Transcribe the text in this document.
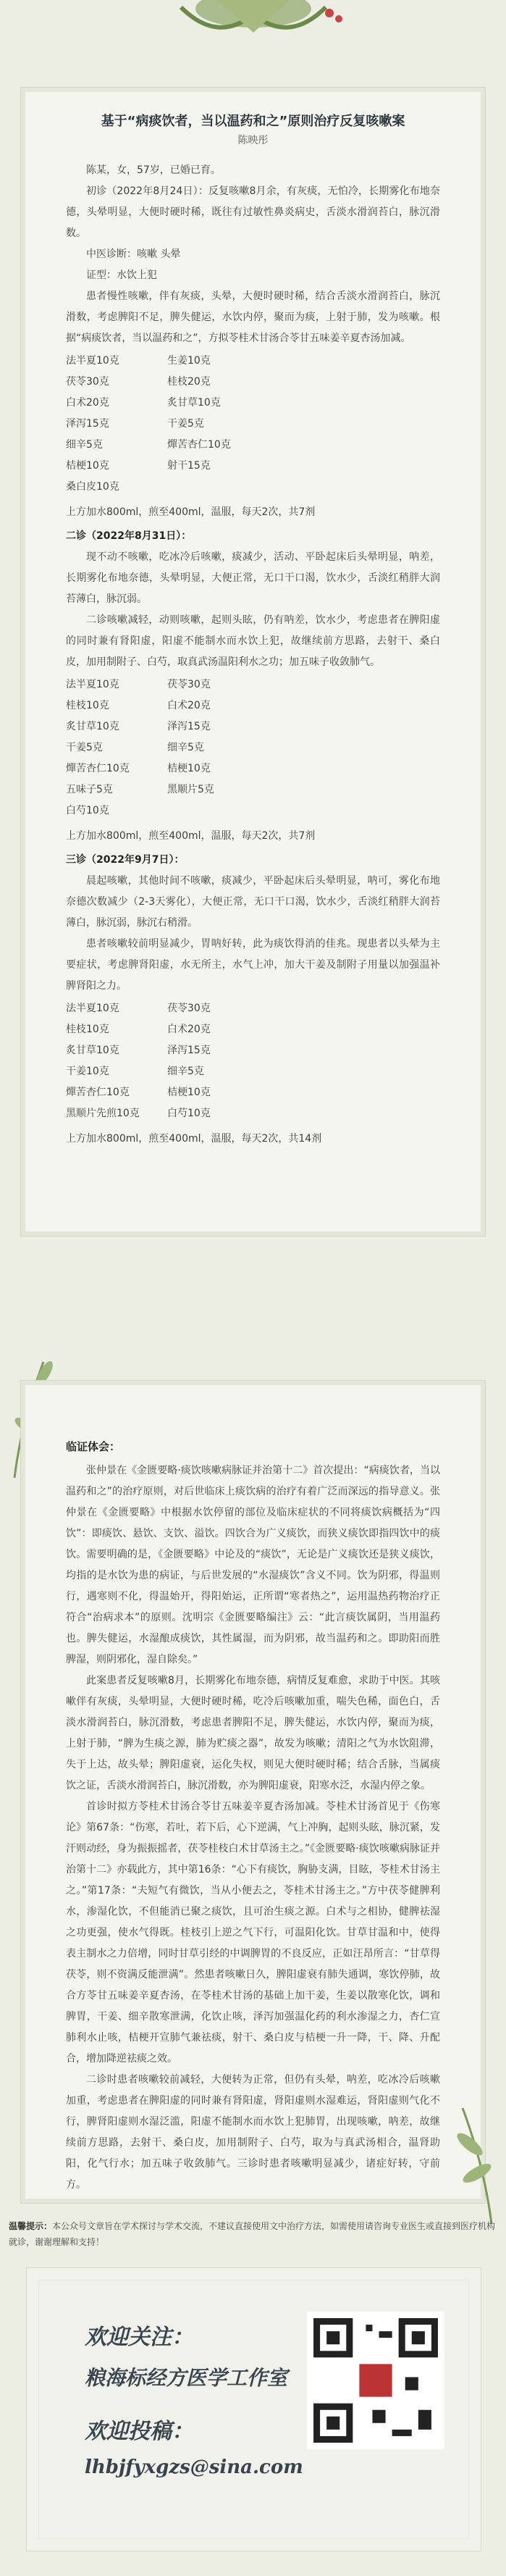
基于“病痰饮者，当以温药和之”原则治疗反复咳嗽案
陈映彤

陈某，女，57岁，已婚已育。

初诊（2022年8月24日）：反复咳嗽8月余，有灰痰，无怕冷，长期雾化布地奈德，头晕明显，大便时硬时稀，既往有过敏性鼻炎病史，舌淡水滑润苔白，脉沉滑数。

中医诊断：咳嗽 头晕

证型：水饮上犯

患者慢性咳嗽，伴有灰痰，头晕，大便时硬时稀，结合舌淡水滑润苔白，脉沉滑数，考虑脾阳不足，脾失健运，水饮内停，聚而为痰，上射于肺，发为咳嗽。根据“病痰饮者，当以温药和之”，方拟苓桂术甘汤合苓甘五味姜辛夏杏汤加减。

法半夏10克	生姜10克
茯苓30克	桂枝20克
白术20克	炙甘草10克
泽泻15克	干姜5克
细辛5克	燀苦杏仁10克
桔梗10克	射干15克
桑白皮10克

上方加水800ml，煎至400ml，温服，每天2次，共7剂

二诊（2022年8月31日）：

现不动不咳嗽，吃冰冷后咳嗽，痰减少，活动、平卧起床后头晕明显，呐差，长期雾化布地奈德，头晕明显，大便正常，无口干口渴，饮水少，舌淡红稍胖大润苔薄白，脉沉弱。

二诊咳嗽减轻，动则咳嗽，起则头眩，仍有呐差，饮水少，考虑患者在脾阳虚的同时兼有肾阳虚，阳虚不能制水而水饮上犯，故继续前方思路，去射干、桑白皮，加用制附子、白芍，取真武汤温阳利水之功；加五味子收敛肺气。

法半夏10克	茯苓30克
桂枝10克	白术20克
炙甘草10克	泽泻15克
干姜5克	细辛5克
燀苦杏仁10克	桔梗10克
五味子5克	黑顺片5克
白芍10克

上方加水800ml，煎至400ml，温服，每天2次，共7剂

三诊（2022年9月7日）：

晨起咳嗽，其他时间不咳嗽，痰减少，平卧起床后头晕明显，呐可，雾化布地奈德次数减少（2-3天雾化），大便正常，无口干口渴，饮水少，舌淡红稍胖大润苔薄白，脉沉弱，脉沉右稍滑。

患者咳嗽较前明显减少，胃呐好转，此为痰饮得消的佳兆。现患者以头晕为主要症状，考虑脾肾阳虚，水无所主，水气上冲，加大干姜及制附子用量以加强温补脾肾阳之力。

法半夏10克	茯苓30克
桂枝10克	白术20克
炙甘草10克	泽泻15克
干姜10克	细辛5克
燀苦杏仁10克	桔梗10克
黑顺片先煎10克	白芍10克

上方加水800ml，煎至400ml，温服，每天2次，共14剂

临证体会：

张仲景在《金匮要略·痰饮咳嗽病脉证并治第十二》首次提出：“病痰饮者，当以温药和之”的治疗原则，对后世临床上痰饮病的治疗有着广泛而深远的指导意义。张仲景在《金匮要略》中根据水饮停留的部位及临床症状的不同将痰饮病概括为“四饮”：即痰饮、悬饮、支饮、溢饮。四饮合为广义痰饮，而狭义痰饮即指四饮中的痰饮。需要明确的是，《金匮要略》中论及的“痰饮”，无论是广义痰饮还是狭义痰饮，均指的是水饮为患的病证，与后世发展的“水湿痰饮”含义不同。饮为阴邪，得温则行，遇寒则不化，得温始开，得阳始运，正所谓“寒者热之”，运用温热药物治疗正符合“治病求本”的原则。沈明宗《金匮要略编注》云：“此言痰饮属阴，当用温药也。脾失健运，水湿酿成痰饮，其性属湿，而为阴邪，故当温药和之。即助阳而胜脾湿，则阴邪化，湿自除矣。”

此案患者反复咳嗽8月，长期雾化布地奈德，病情反复难愈，求助于中医。其咳嗽伴有灰痰，头晕明显，大便时硬时稀，吃冷后咳嗽加重，喘失色稀，面色白，舌淡水滑润苔白，脉沉滑数，考虑患者脾阳不足，脾失健运，水饮内停，聚而为痰，上射于肺，“脾为生痰之源，肺为贮痰之器”，故发为咳嗽；清阳之气为水饮阻滞，失于上达，故头晕；脾阳虚衰，运化失权，则见大便时硬时稀；结合舌脉，当属痰饮之证，舌淡水滑润苔白，脉沉滑数，亦为脾阳虚衰，阳寒水泛，水湿内停之象。

首诊时拟方苓桂术甘汤合苓甘五味姜辛夏杏汤加减。苓桂术甘汤首见于《伤寒论》第67条：“伤寒，若吐，若下后，心下逆满，气上冲胸，起则头眩，脉沉紧，发汗则动经，身为振振摇者，茯苓桂枝白术甘草汤主之。”《金匮要略·痰饮咳嗽病脉证并治第十二》亦载此方，其中第16条：“心下有痰饮，胸胁支满，目眩，苓桂术甘汤主之。”第17条：“夫短气有微饮，当从小便去之，苓桂术甘汤主之。”方中茯苓健脾利水，渗湿化饮，不但能消已聚之痰饮，且可治生痰之源。白术与之相协，健脾祛湿之功更强，使水气得既。桂枝引上逆之气下行，可温阳化饮。甘草甘温和中，使得表主制水之力倍增，同时甘草引经的中调脾胃的不良反应，正如汪昂所言：“甘草得茯苓，则不资满反能泄满”。然患者咳嗽日久，脾阳虚衰有肺失通调，寒饮停肺，故合方苓甘五味姜辛夏杏汤，在苓桂术甘汤的基础上加干姜，生姜以散寒化饮，调和脾胃，干姜、细辛散寒泄满，化饮止咳，泽泻加强温化药的利水渗湿之力，杏仁宣肺利水止咳，桔梗开宣肺气兼祛痰，射干、桑白皮与桔梗一升一降，干、降、升配合，增加降逆祛痰之效。

二诊时患者咳嗽较前减轻，大便转为正常，但仍有头晕，呐差，吃冰冷后咳嗽加重，考虑患者在脾阳虚的同时兼有肾阳虚，肾阳虚则水湿难运，肾阳虚则气化不行，脾肾阳虚则水湿泛滥，阳虚不能制水而水饮上犯肺胃，出现咳嗽，呐差，故继续前方思路，去射干、桑白皮，加用制附子、白芍，取为与真武汤相合，温肾助阳，化气行水；加五味子收敛肺气。三诊时患者咳嗽明显减少，诸症好转，守前方。

温馨提示：本公众号文章旨在学术探讨与学术交流，不建议直接使用文中治疗方法，如需使用请咨询专业医生或直接到医疗机构就诊，谢谢理解和支持！
欢迎关注：
粮海标经方医学工作室
欢迎投稿：
lhbjfyxgzs@sina.com
